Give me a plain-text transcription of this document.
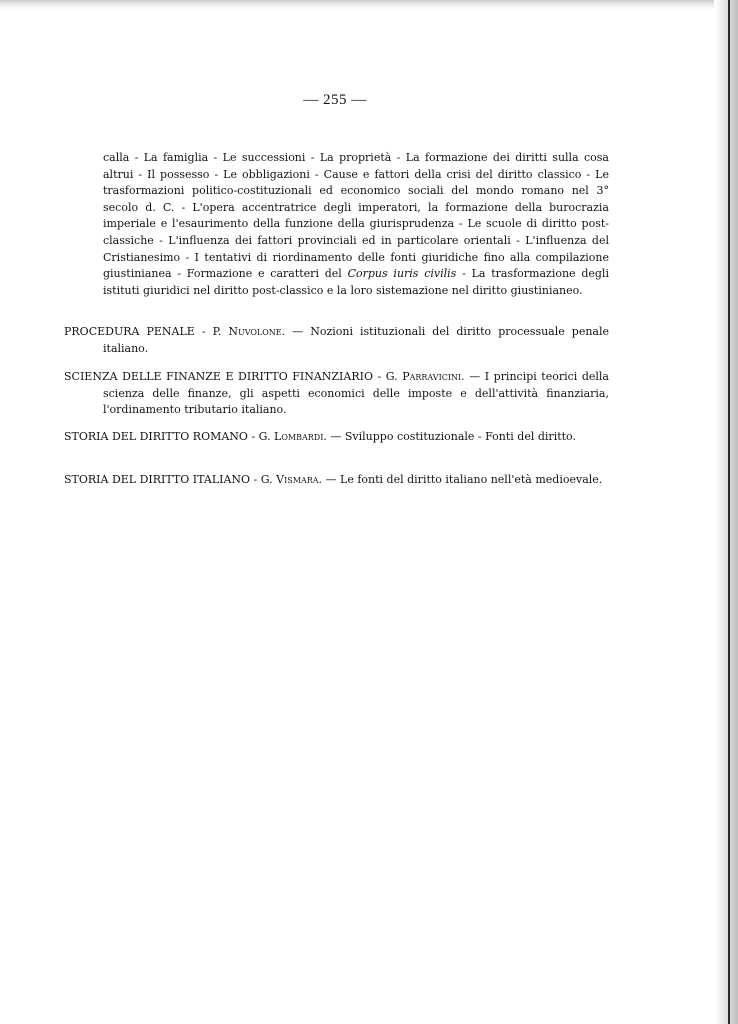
— 255 —

calla - La famiglia - Le successioni - La proprietà - La formazione dei diritti sulla cosa altrui - Il possesso - Le obbligazioni - Cause e fattori della crisi del diritto classico - Le trasformazioni politico-costituzionali ed economico sociali del mondo romano nel 3° secolo d. C. - L'opera accentratrice degli imperatori, la formazione della burocrazia imperiale e l'esaurimento della funzione della giurisprudenza - Le scuole di diritto post-classiche - L'influenza dei fattori provinciali ed in particolare orientali - L'influenza del Cristianesimo - I tentativi di riordinamento delle fonti giuridiche fino alla compilazione giustinianea - Formazione e caratteri del Corpus iuris civilis - La trasformazione degli istituti giuridici nel diritto post-classico e la loro sistemazione nel diritto giustinianeo.

PROCEDURA PENALE - P. Nuvolone. — Nozioni istituzionali del diritto processuale penale italiano.

SCIENZA DELLE FINANZE E DIRITTO FINANZIARIO - G. Parravicini. — I principi teorici della scienza delle finanze, gli aspetti economici delle imposte e dell'attività finanziaria, l'ordinamento tributario italiano.

STORIA DEL DIRITTO ROMANO - G. Lombardi. — Sviluppo costituzionale - Fonti del diritto.

STORIA DEL DIRITTO ITALIANO - G. Vismara. — Le fonti del diritto italiano nell'età medioevale.
